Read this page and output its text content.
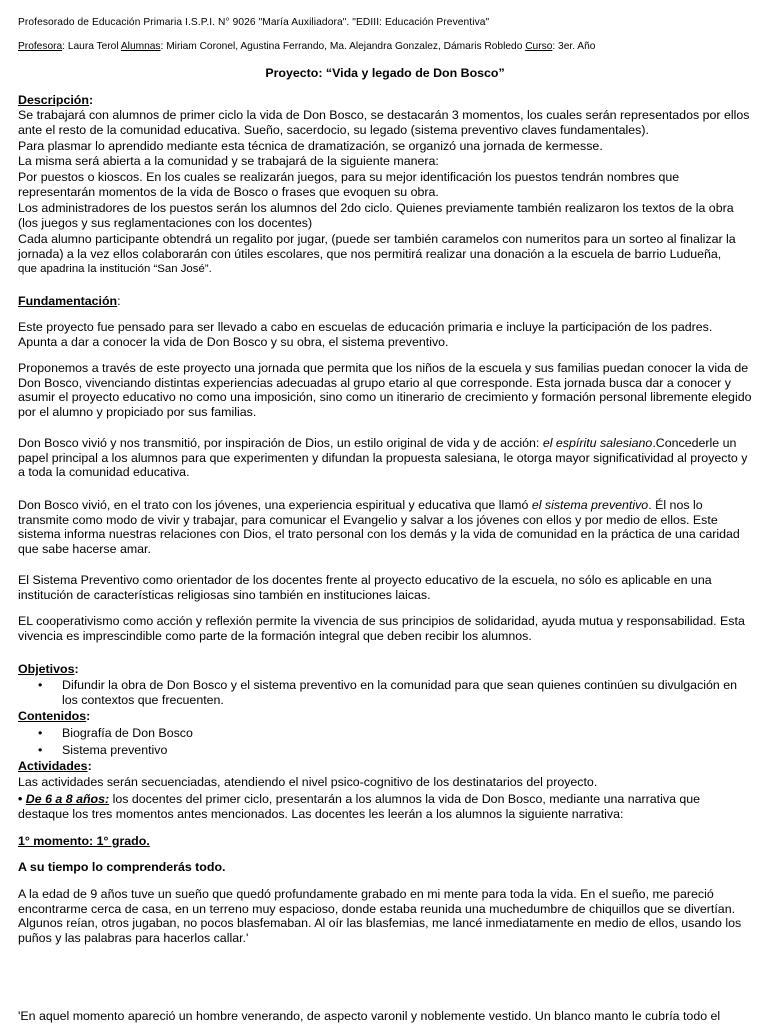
Profesorado de Educación Primaria I.S.P.I. N° 9026 "María Auxiliadora". "EDIII: Educación Preventiva"

Profesora: Laura Terol Alumnas: Miriam Coronel, Agustina Ferrando, Ma. Alejandra Gonzalez, Dámaris Robledo Curso: 3er. Año

Proyecto: “Vida y legado de Don Bosco”

Descripción:

Se trabajará con alumnos de primer ciclo la vida de Don Bosco, se destacarán 3 momentos, los cuales serán representados por ellos ante el resto de la comunidad educativa. Sueño, sacerdocio, su legado (sistema preventivo claves fundamentales).

Para plasmar lo aprendido mediante esta técnica de dramatización, se organizó una jornada de kermesse.

La misma será abierta a la comunidad y se trabajará de la siguiente manera:

Por puestos o kioscos. En los cuales se realizarán juegos, para su mejor identificación los puestos tendrán nombres que representarán momentos de la vida de Bosco o frases que evoquen su obra.

Los administradores de los puestos serán los alumnos del 2do ciclo. Quienes previamente también realizaron los textos de la obra (los juegos y sus reglamentaciones con los docentes)

Cada alumno participante obtendrá un regalito por jugar, (puede ser también caramelos con numeritos para un sorteo al finalizar la jornada) a la vez ellos colaborarán con útiles escolares, que nos permitirá realizar una donación a la escuela de barrio Ludueña,

que apadrina la institución “San José”.

Fundamentación:

Este proyecto fue pensado para ser llevado a cabo en escuelas de educación primaria e incluye la participación de los padres. Apunta a dar a conocer la vida de Don Bosco y su obra, el sistema preventivo.

Proponemos a través de este proyecto una jornada que permita que los niños de la escuela y sus familias puedan conocer la vida de Don Bosco, vivenciando distintas experiencias adecuadas al grupo etario al que corresponde. Esta jornada busca dar a conocer y asumir el proyecto educativo no como una imposición, sino como un itinerario de crecimiento y formación personal libremente elegido por el alumno y propiciado por sus familias.

Don Bosco vivió y nos transmitió, por inspiración de Dios, un estilo original de vida y de acción: el espíritu salesiano.Concederle un papel principal a los alumnos para que experimenten y difundan la propuesta salesiana, le otorga mayor significatividad al proyecto y a toda la comunidad educativa.

Don Bosco vivió, en el trato con los jóvenes, una experiencia espiritual y educativa que llamó el sistema preventivo. Él nos lo transmite como modo de vivir y trabajar, para comunicar el Evangelio y salvar a los jóvenes con ellos y por medio de ellos. Este sistema informa nuestras relaciones con Dios, el trato personal con los demás y la vida de comunidad en la práctica de una caridad que sabe hacerse amar.

El Sistema Preventivo como orientador de los docentes frente al proyecto educativo de la escuela, no sólo es aplicable en una institución de características religiosas sino también en instituciones laicas.

EL cooperativismo como acción y reflexión permite la vivencia de sus principios de solidaridad, ayuda mutua y responsabilidad. Esta vivencia es imprescindible como parte de la formación integral que deben recibir los alumnos.

Objetivos:

• Difundir la obra de Don Bosco y el sistema preventivo en la comunidad para que sean quienes continúen su divulgación en los contextos que frecuenten.

Contenidos:

• Biografía de Don Bosco
• Sistema preventivo

Actividades:

Las actividades serán secuenciadas, atendiendo el nivel psico-cognitivo de los destinatarios del proyecto.

• De 6 a 8 años: los docentes del primer ciclo, presentarán a los alumnos la vida de Don Bosco, mediante una narrativa que destaque los tres momentos antes mencionados. Las docentes les leerán a los alumnos la siguiente narrativa:

1° momento: 1° grado.

A su tiempo lo comprenderás todo.

A la edad de 9 años tuve un sueño que quedó profundamente grabado en mi mente para toda la vida. En el sueño, me pareció encontrarme cerca de casa, en un terreno muy espacioso, donde estaba reunida una muchedumbre de chiquillos que se divertían. Algunos reían, otros jugaban, no pocos blasfemaban. Al oír las blasfemias, me lancé inmediatamente en medio de ellos, usando los puños y las palabras para hacerlos callar.'

'En aquel momento apareció un hombre venerando, de aspecto varonil y noblemente vestido. Un blanco manto le cubría todo el
